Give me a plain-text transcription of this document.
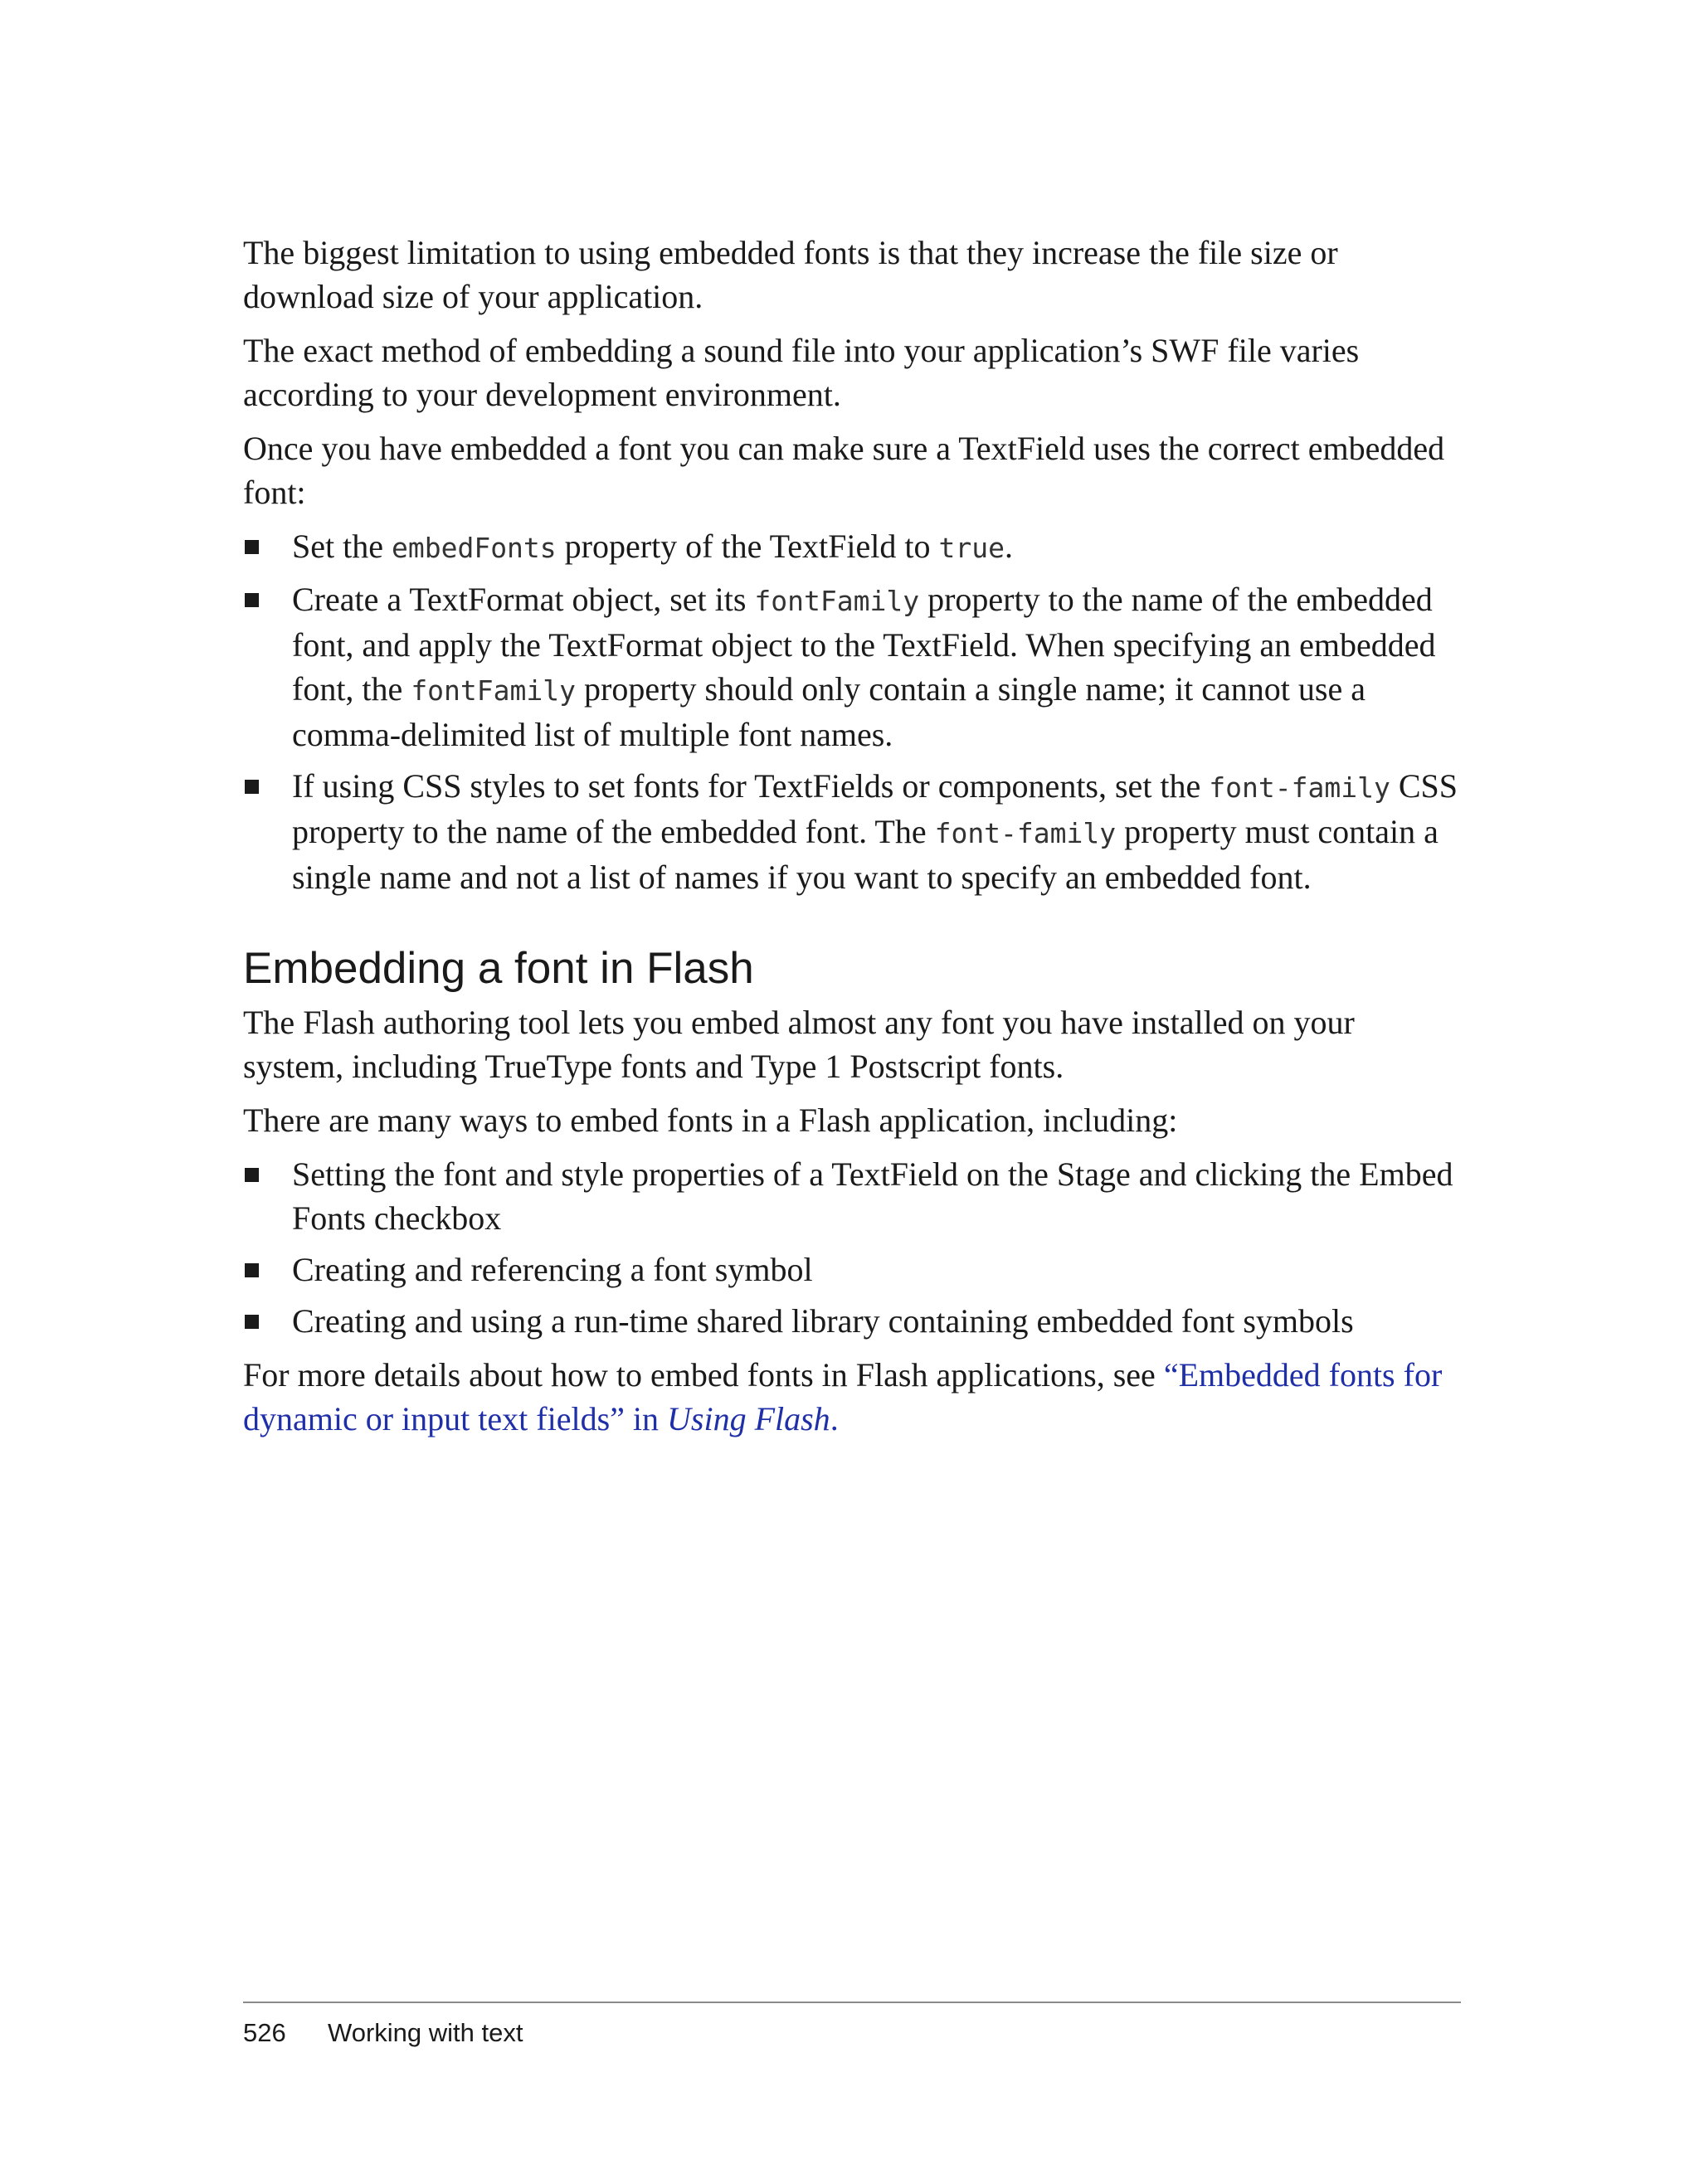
The biggest limitation to using embedded fonts is that they increase the file size or download size of your application.

The exact method of embedding a sound file into your application’s SWF file varies according to your development environment.

Once you have embedded a font you can make sure a TextField uses the correct embedded font:

Set the embedFonts property of the TextField to true.
Create a TextFormat object, set its fontFamily property to the name of the embedded font, and apply the TextFormat object to the TextField. When specifying an embedded font, the fontFamily property should only contain a single name; it cannot use a comma-delimited list of multiple font names.
If using CSS styles to set fonts for TextFields or components, set the font-family CSS property to the name of the embedded font. The font-family property must contain a single name and not a list of names if you want to specify an embedded font.
Embedding a font in Flash

The Flash authoring tool lets you embed almost any font you have installed on your system, including TrueType fonts and Type 1 Postscript fonts.

There are many ways to embed fonts in a Flash application, including:

Setting the font and style properties of a TextField on the Stage and clicking the Embed Fonts checkbox
Creating and referencing a font symbol
Creating and using a run-time shared library containing embedded font symbols

For more details about how to embed fonts in Flash applications, see “Embedded fonts for dynamic or input text fields” in Using Flash.

526 Working with text
